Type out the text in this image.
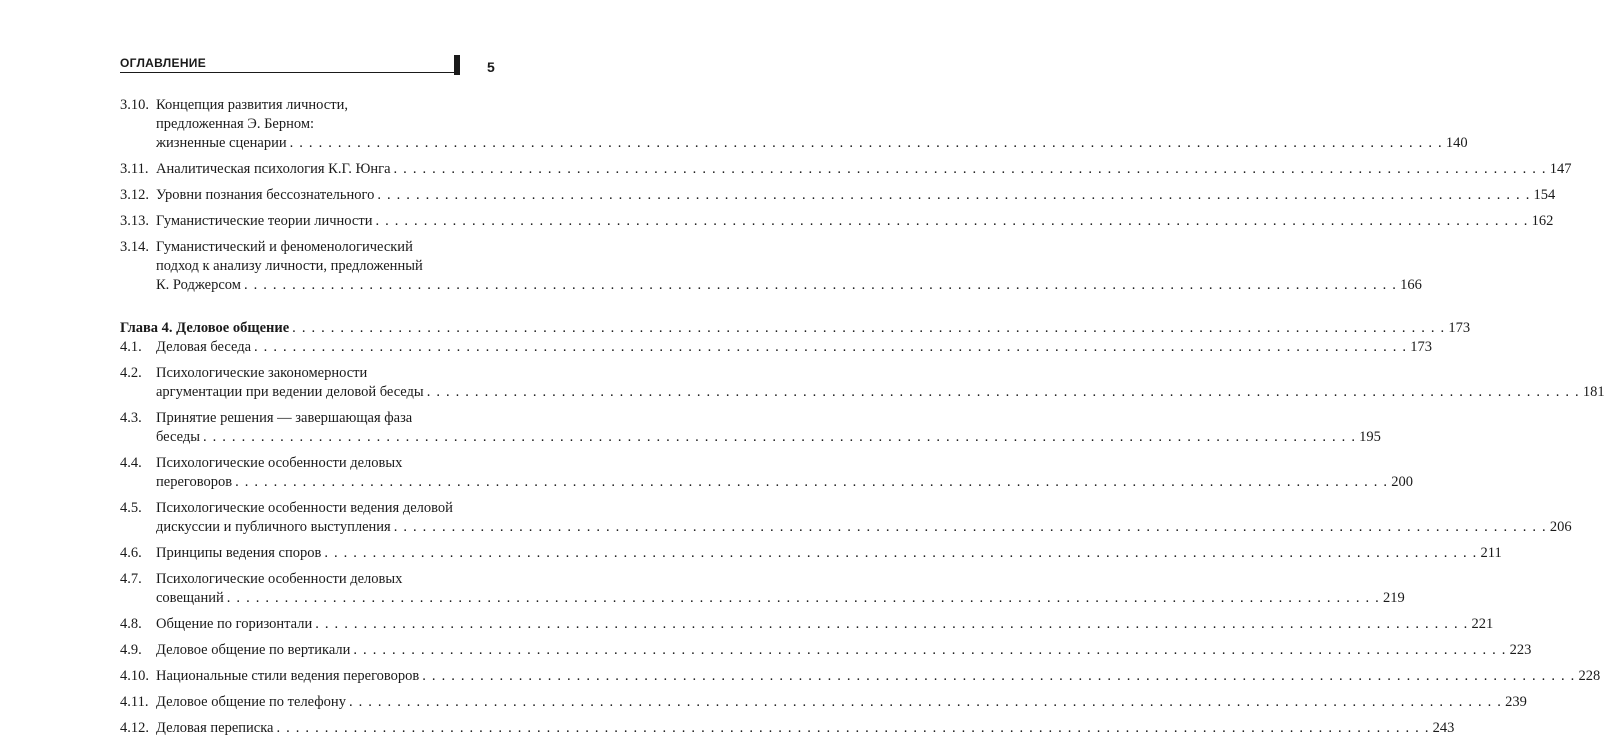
ОГЛАВЛЕНИЕ	5
3.10. Концепция развития личности,
предложенная Э. Берном:
жизненные сценарии . . . . . . . . . . . . . . . . . . . . . . . . . . . . . . . . . . . . . . . . . . . . . . . . . . . . . . . . . . . . . . . . . . . . . . . . . . . . . . . . . . . . . . . . . . . . . . . . . . . . . . . . . . . . . . . . . . . . . . . . 140
3.11. Аналитическая психология К.Г. Юнга . . . . . . . . . . . . . . . . . . . . . . . . . . . . . . . . . . . . . . . . . . . . . . . . . . . . . . . . . . . . . . . . . . . . . . . . . . . . . . . . . . . . . . . . . . . . . . . . . . . . . . . . . . . . . . . . . . . . . . . . 147
3.12. Уровни познания бессознательного . . . . . . . . . . . . . . . . . . . . . . . . . . . . . . . . . . . . . . . . . . . . . . . . . . . . . . . . . . . . . . . . . . . . . . . . . . . . . . . . . . . . . . . . . . . . . . . . . . . . . . . . . . . . . . . . . . . . . . . . 154
3.13. Гуманистические теории личности . . . . . . . . . . . . . . . . . . . . . . . . . . . . . . . . . . . . . . . . . . . . . . . . . . . . . . . . . . . . . . . . . . . . . . . . . . . . . . . . . . . . . . . . . . . . . . . . . . . . . . . . . . . . . . . . . . . . . . . . 162
3.14. Гуманистический и феноменологический
подход к анализу личности, предложенный
К. Роджерсом . . . . . . . . . . . . . . . . . . . . . . . . . . . . . . . . . . . . . . . . . . . . . . . . . . . . . . . . . . . . . . . . . . . . . . . . . . . . . . . . . . . . . . . . . . . . . . . . . . . . . . . . . . . . . . . . . . . . . . . . 166
Глава 4. Деловое общение . . . . . . . . . . . . . . . . . . . . . . . . . . . . . . . . . . . . . . . . . . . . . . . . . . . . . . . . . . . . . . . . . . . . . . . . . . . . . . . . . . . . . . . . . . . . . . . . . . . . . . . . . . . . . . . . . . . . . . . . 173
4.1. Деловая беседа . . . . . . . . . . . . . . . . . . . . . . . . . . . . . . . . . . . . . . . . . . . . . . . . . . . . . . . . . . . . . . . . . . . . . . . . . . . . . . . . . . . . . . . . . . . . . . . . . . . . . . . . . . . . . . . . . . . . . . . . 173
4.2. Психологические закономерности
аргументации при ведении деловой беседы . . . . . . . . . . . . . . . . . . . . . . . . . . . . . . . . . . . . . . . . . . . . . . . . . . . . . . . . . . . . . . . . . . . . . . . . . . . . . . . . . . . . . . . . . . . . . . . . . . . . . . . . . . . . . . . . . . . . . . . . 181
4.3. Принятие решения — завершающая фаза
беседы . . . . . . . . . . . . . . . . . . . . . . . . . . . . . . . . . . . . . . . . . . . . . . . . . . . . . . . . . . . . . . . . . . . . . . . . . . . . . . . . . . . . . . . . . . . . . . . . . . . . . . . . . . . . . . . . . . . . . . . . 195
4.4. Психологические особенности деловых
переговоров . . . . . . . . . . . . . . . . . . . . . . . . . . . . . . . . . . . . . . . . . . . . . . . . . . . . . . . . . . . . . . . . . . . . . . . . . . . . . . . . . . . . . . . . . . . . . . . . . . . . . . . . . . . . . . . . . . . . . . . . 200
4.5. Психологические особенности ведения деловой
дискуссии и публичного выступления . . . . . . . . . . . . . . . . . . . . . . . . . . . . . . . . . . . . . . . . . . . . . . . . . . . . . . . . . . . . . . . . . . . . . . . . . . . . . . . . . . . . . . . . . . . . . . . . . . . . . . . . . . . . . . . . . . . . . . . . 206
4.6. Принципы ведения споров . . . . . . . . . . . . . . . . . . . . . . . . . . . . . . . . . . . . . . . . . . . . . . . . . . . . . . . . . . . . . . . . . . . . . . . . . . . . . . . . . . . . . . . . . . . . . . . . . . . . . . . . . . . . . . . . . . . . . . . . 211
4.7. Психологические особенности деловых
совещаний . . . . . . . . . . . . . . . . . . . . . . . . . . . . . . . . . . . . . . . . . . . . . . . . . . . . . . . . . . . . . . . . . . . . . . . . . . . . . . . . . . . . . . . . . . . . . . . . . . . . . . . . . . . . . . . . . . . . . . . . 219
4.8. Общение по горизонтали . . . . . . . . . . . . . . . . . . . . . . . . . . . . . . . . . . . . . . . . . . . . . . . . . . . . . . . . . . . . . . . . . . . . . . . . . . . . . . . . . . . . . . . . . . . . . . . . . . . . . . . . . . . . . . . . . . . . . . . . 221
4.9. Деловое общение по вертикали . . . . . . . . . . . . . . . . . . . . . . . . . . . . . . . . . . . . . . . . . . . . . . . . . . . . . . . . . . . . . . . . . . . . . . . . . . . . . . . . . . . . . . . . . . . . . . . . . . . . . . . . . . . . . . . . . . . . . . . . 223
4.10. Национальные стили ведения переговоров . . . . . . . . . . . . . . . . . . . . . . . . . . . . . . . . . . . . . . . . . . . . . . . . . . . . . . . . . . . . . . . . . . . . . . . . . . . . . . . . . . . . . . . . . . . . . . . . . . . . . . . . . . . . . . . . . . . . . . . . 228
4.11. Деловое общение по телефону . . . . . . . . . . . . . . . . . . . . . . . . . . . . . . . . . . . . . . . . . . . . . . . . . . . . . . . . . . . . . . . . . . . . . . . . . . . . . . . . . . . . . . . . . . . . . . . . . . . . . . . . . . . . . . . . . . . . . . . . 239
4.12. Деловая переписка . . . . . . . . . . . . . . . . . . . . . . . . . . . . . . . . . . . . . . . . . . . . . . . . . . . . . . . . . . . . . . . . . . . . . . . . . . . . . . . . . . . . . . . . . . . . . . . . . . . . . . . . . . . . . . . . . . . . . . . . 243
